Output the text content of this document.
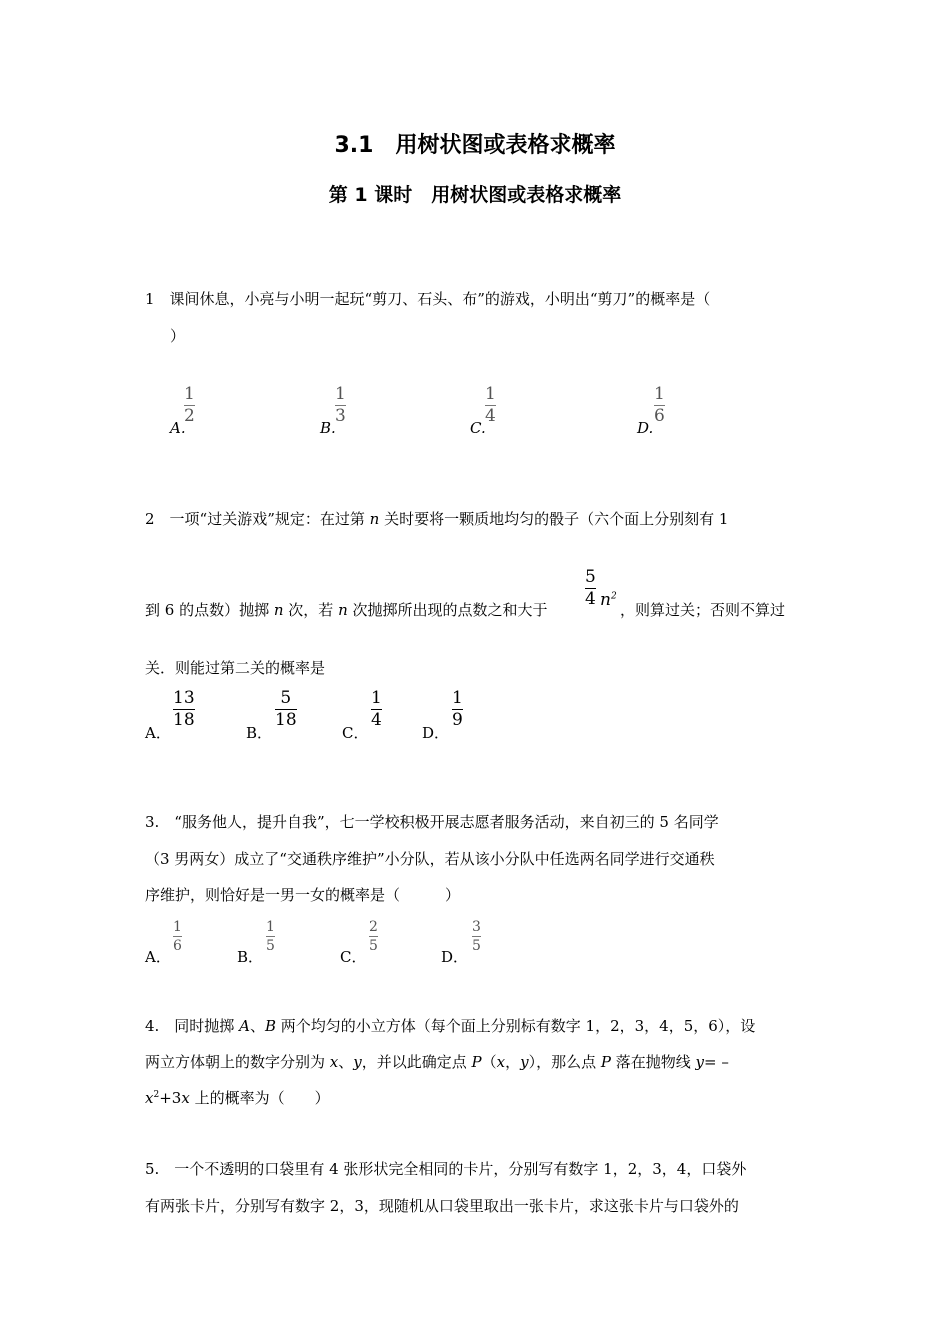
3.1　用树状图或表格求概率
第 1 课时　用树状图或表格求概率
1　课间休息，小亮与小明一起玩“剪刀、石头、布”的游戏，小明出“剪刀”的概率是（
）
A.
1
2
B.
1
3
C.
1
4
D.
1
6
2　一项“过关游戏”规定：在过第 n 关时要将一颗质地均匀的骰子（六个面上分别刻有 1
到 6 的点数）抛掷 n 次，若 n 次抛掷所出现的点数之和大于
5
4 $n^2$
，则算过关；否则不算过
关．则能过第二关的概率是
A．
13
18
B．
5
18
C．
1
4
D．
1
9
3.　“服务他人，提升自我”，七一学校积极开展志愿者服务活动，来自初三的 5 名同学
（3 男两女）成立了“交通秩序维护”小分队，若从该小分队中任选两名同学进行交通秩
序维护，则恰好是一男一女的概率是（　　　）
A．
1
6
B．
1
5
C．
2
5
D．
3
5
4.　同时抛掷 A、B 两个均匀的小立方体（每个面上分别标有数字 1，2，3，4，5，6），设
两立方体朝上的数字分别为 x、y，并以此确定点 P（x，y），那么点 P 落在抛物线 y= –
$x^2+3x$ 上的概率为（　　）
5.　一个不透明的口袋里有 4 张形状完全相同的卡片，分别写有数字 1，2，3，4，口袋外
有两张卡片，分别写有数字 2，3，现随机从口袋里取出一张卡片，求这张卡片与口袋外的
